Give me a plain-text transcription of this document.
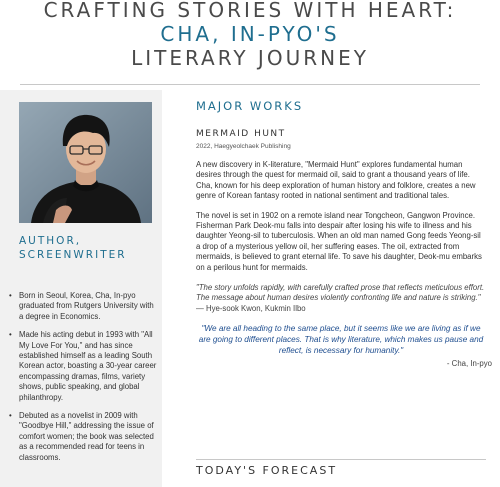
CRAFTING STORIES WITH HEART:
CHA, IN-PYO'S
LITERARY JOURNEY
AUTHOR,
SCREENWRITER
• Born in Seoul, Korea, Cha, In-pyo graduated from Rutgers University with a degree in Economics.
• Made his acting debut in 1993 with "All My Love For You," and has since established himself as a leading South Korean actor, boasting a 30-year career encompassing dramas, films, variety shows, public speaking, and global philanthropy.
• Debuted as a novelist in 2009 with "Goodbye Hill," addressing the issue of comfort women; the book was selected as a recommended read for teens in classrooms.
MAJOR WORKS
MERMAID HUNT
2022, Haegyeolchaek Publishing
A new discovery in K-literature, "Mermaid Hunt" explores fundamental human desires through the quest for mermaid oil, said to grant a thousand years of life. Cha, known for his deep exploration of human history and folklore, creates a new genre of Korean fantasy rooted in national sentiment and traditional tales.
The novel is set in 1902 on a remote island near Tongcheon, Gangwon Province. Fisherman Park Deok-mu falls into despair after losing his wife to illness and his daughter Yeong-sil to tuberculosis. When an old man named Gong feeds Yeong-sil a drop of a mysterious yellow oil, her suffering eases. The oil, extracted from mermaids, is believed to grant eternal life. To save his daughter, Deok-mu embarks on a perilous hunt for mermaids.
"The story unfolds rapidly, with carefully crafted prose that reflects meticulous effort. The message about human desires violently confronting life and nature is striking."
— Hye-sook Kwon, Kukmin Ilbo
"We are all heading to the same place, but it seems like we are living as if we are going to different places. That is why literature, which makes us pause and reflect, is necessary for humanity."
- Cha, In-pyo
TODAY'S FORECAST
